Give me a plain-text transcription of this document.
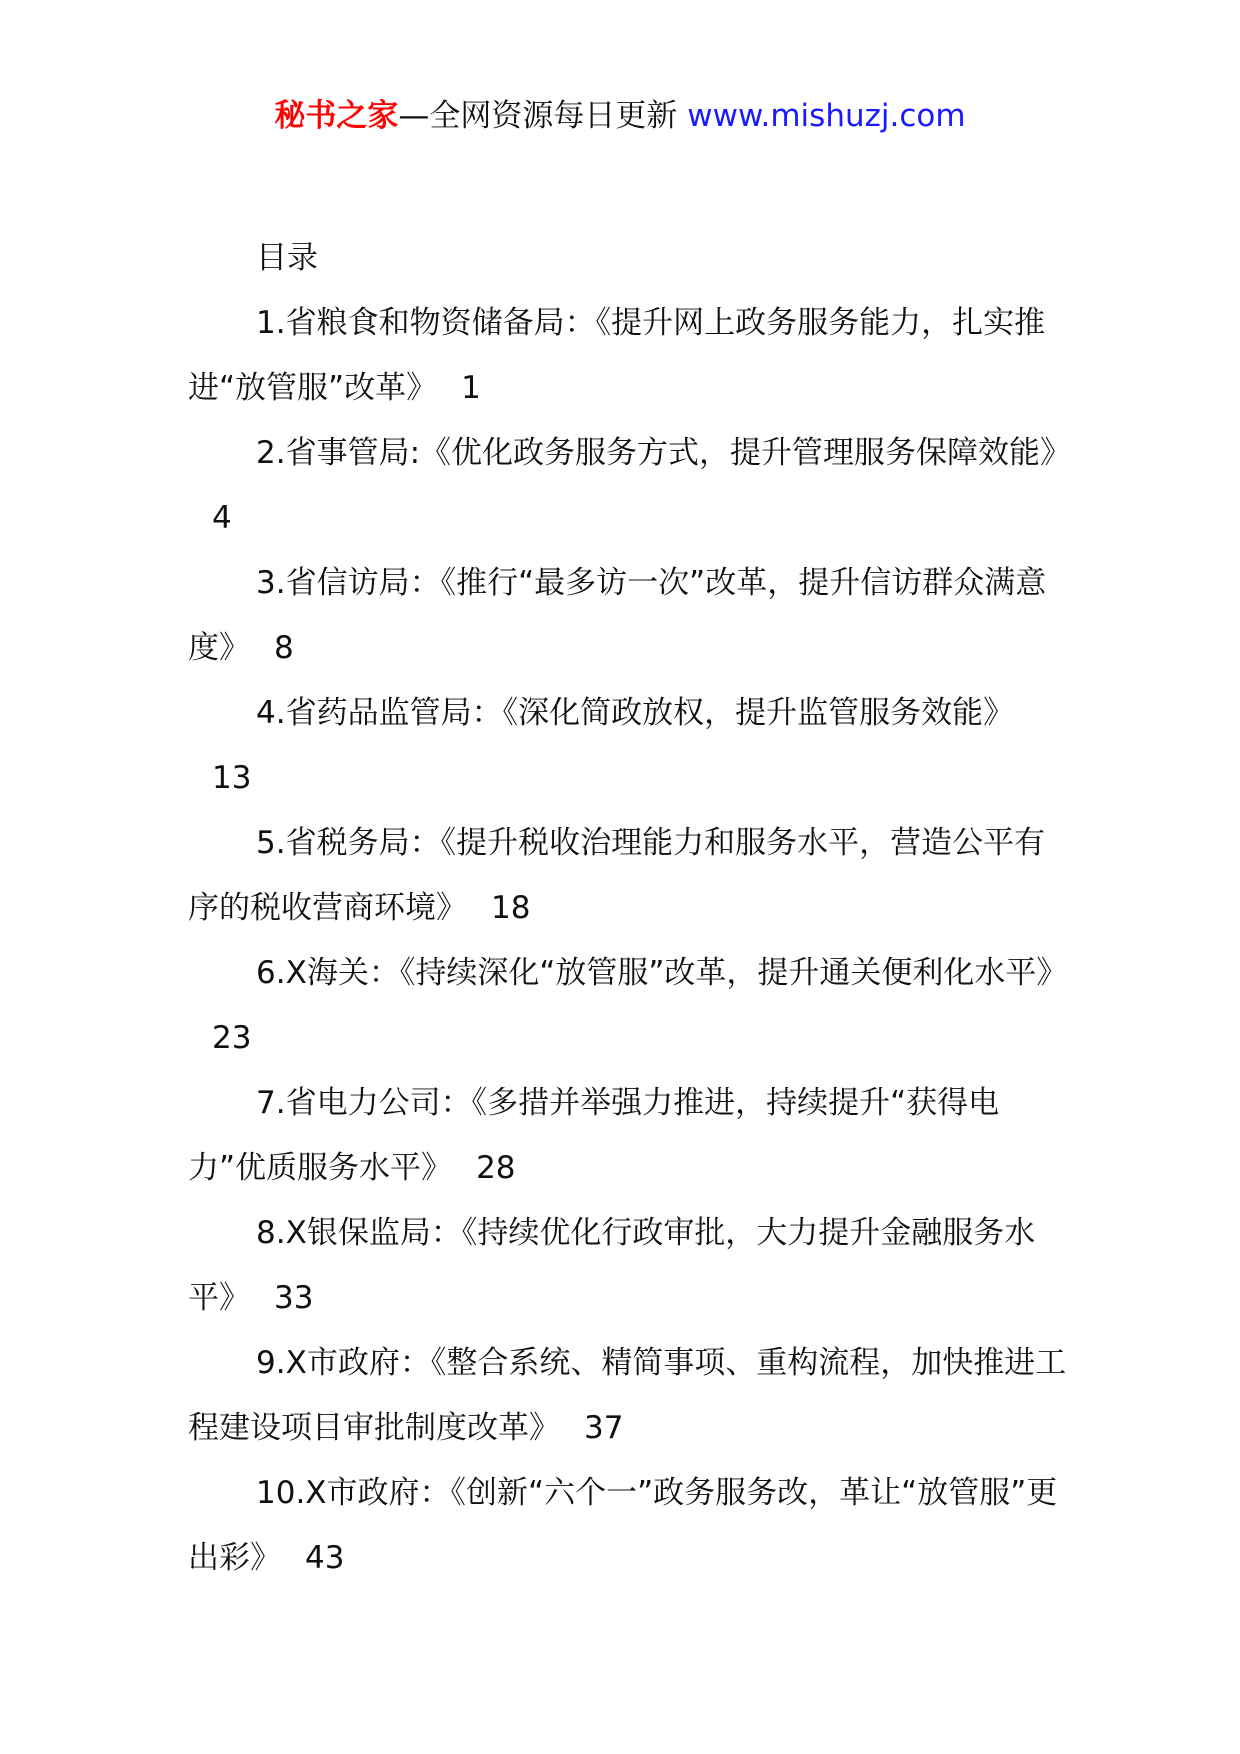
秘书之家—全网资源每日更新 www.mishuzj.com

目录

1.省粮食和物资储备局：《提升网上政务服务能力，扎实推进“放管服”改革》 1

2.省事管局:《优化政务服务方式，提升管理服务保障效能》4

3.省信访局：《推行“最多访一次”改革，提升信访群众满意度》 8

4.省药品监管局：《深化简政放权，提升监管服务效能》13

5.省税务局：《提升税收治理能力和服务水平，营造公平有序的税收营商环境》 18

6.X海关：《持续深化“放管服”改革，提升通关便利化水平》23

7.省电力公司：《多措并举强力推进，持续提升“获得电力”优质服务水平》 28

8.X银保监局：《持续优化行政审批，大力提升金融服务水平》 33

9.X市政府：《整合系统、精简事项、重构流程，加快推进工程建设项目审批制度改革》 37

10.X市政府：《创新“六个一”政务服务改，革让“放管服”更出彩》 43
